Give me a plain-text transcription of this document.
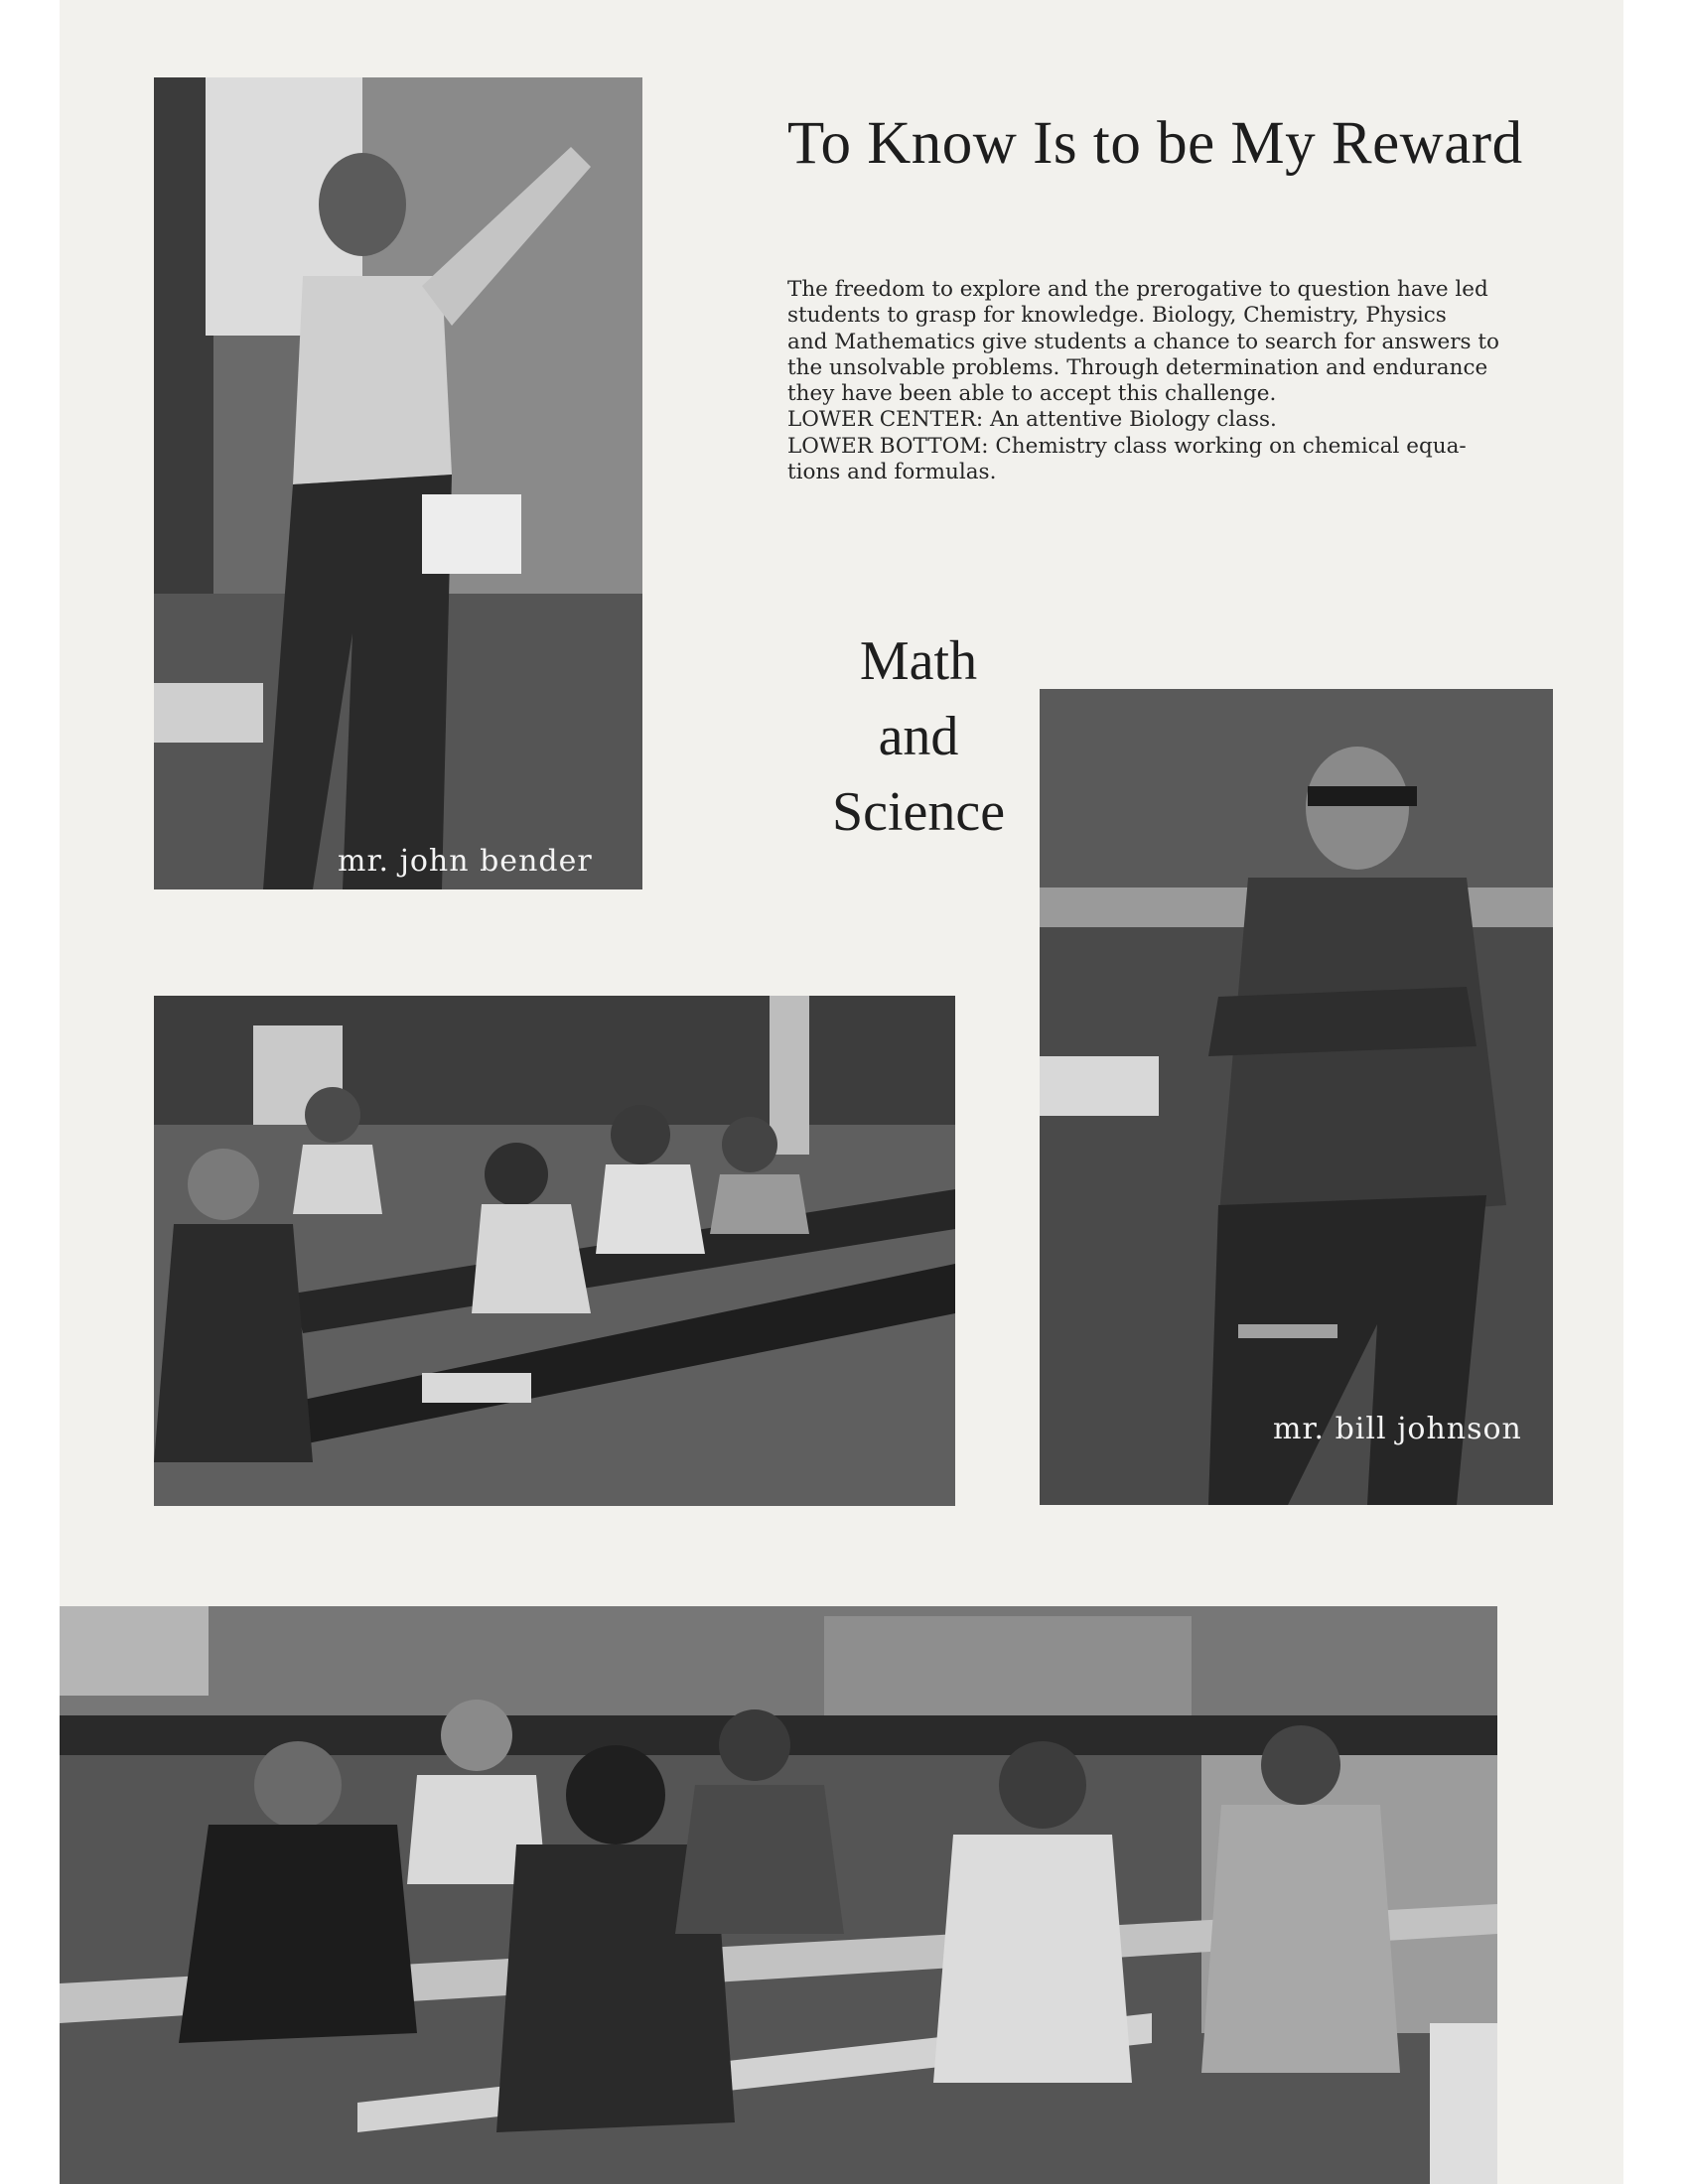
mr. john bender
To Know Is to be My Reward
The freedom to explore and the prerogative to question have led
students to grasp for knowledge. Biology, Chemistry, Physics
and Mathematics give students a chance to search for answers to
the unsolvable problems. Through determination and endurance
they have been able to accept this challenge.
LOWER CENTER: An attentive Biology class.
LOWER BOTTOM: Chemistry class working on chemical equa-
tions and formulas.
Math
and
Science
mr. bill johnson
